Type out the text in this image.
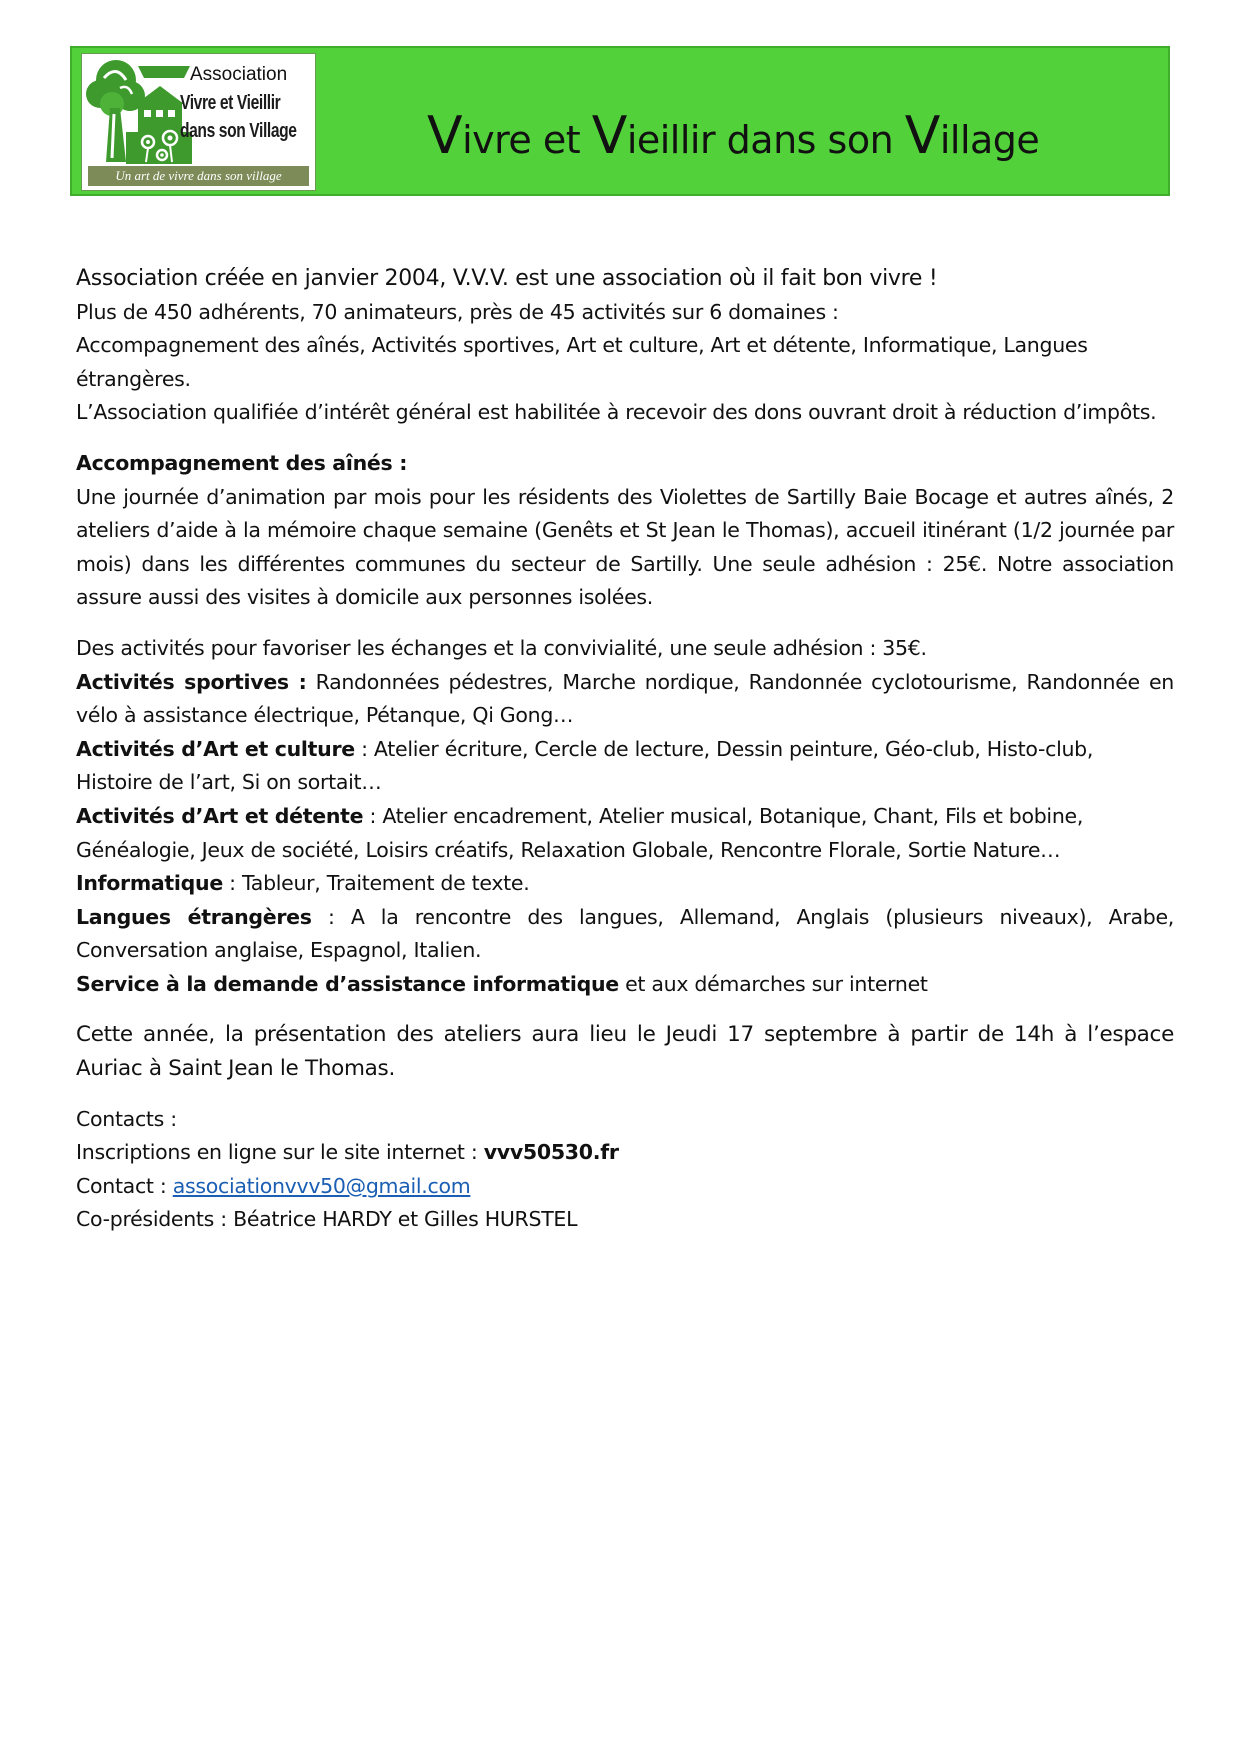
Association
Vivre et Vieillir
dans son Village
Un art de vivre dans son village
Vivre et Vieillir dans son Village

Association créée en janvier 2004, V.V.V. est une association où il fait bon vivre !

Plus de 450 adhérents, 70 animateurs, près de 45 activités sur 6 domaines :

Accompagnement des aînés, Activités sportives, Art et culture, Art et détente, Informatique, Langues étrangères.

L’Association qualifiée d’intérêt général est habilitée à recevoir des dons ouvrant droit à réduction d’impôts.

Accompagnement des aînés :

Une journée d’animation par mois pour les résidents des Violettes de Sartilly Baie Bocage et autres aînés, 2 ateliers d’aide à la mémoire chaque semaine (Genêts et St Jean le Thomas), accueil itinérant (1/2 journée par mois) dans les différentes communes du secteur de Sartilly. Une seule adhésion : 25€. Notre association assure aussi des visites à domicile aux personnes isolées.

Des activités pour favoriser les échanges et la convivialité, une seule adhésion : 35€.

Activités sportives : Randonnées pédestres, Marche nordique, Randonnée cyclotourisme, Randonnée en vélo à assistance électrique, Pétanque, Qi Gong…

Activités d’Art et culture : Atelier écriture, Cercle de lecture, Dessin peinture, Géo-club, Histo-club, Histoire de l’art, Si on sortait…

Activités d’Art et détente : Atelier encadrement, Atelier musical, Botanique, Chant, Fils et bobine, Généalogie, Jeux de société, Loisirs créatifs, Relaxation Globale, Rencontre Florale, Sortie Nature…

Informatique : Tableur, Traitement de texte.

Langues étrangères : A la rencontre des langues, Allemand, Anglais (plusieurs niveaux), Arabe, Conversation anglaise, Espagnol, Italien.

Service à la demande d’assistance informatique et aux démarches sur internet

Cette année, la présentation des ateliers aura lieu le Jeudi 17 septembre à partir de 14h à l’espace Auriac à Saint Jean le Thomas.

Contacts :

Inscriptions en ligne sur le site internet : vvv50530.fr

Contact : associationvvv50@gmail.com

Co-présidents : Béatrice HARDY et Gilles HURSTEL
